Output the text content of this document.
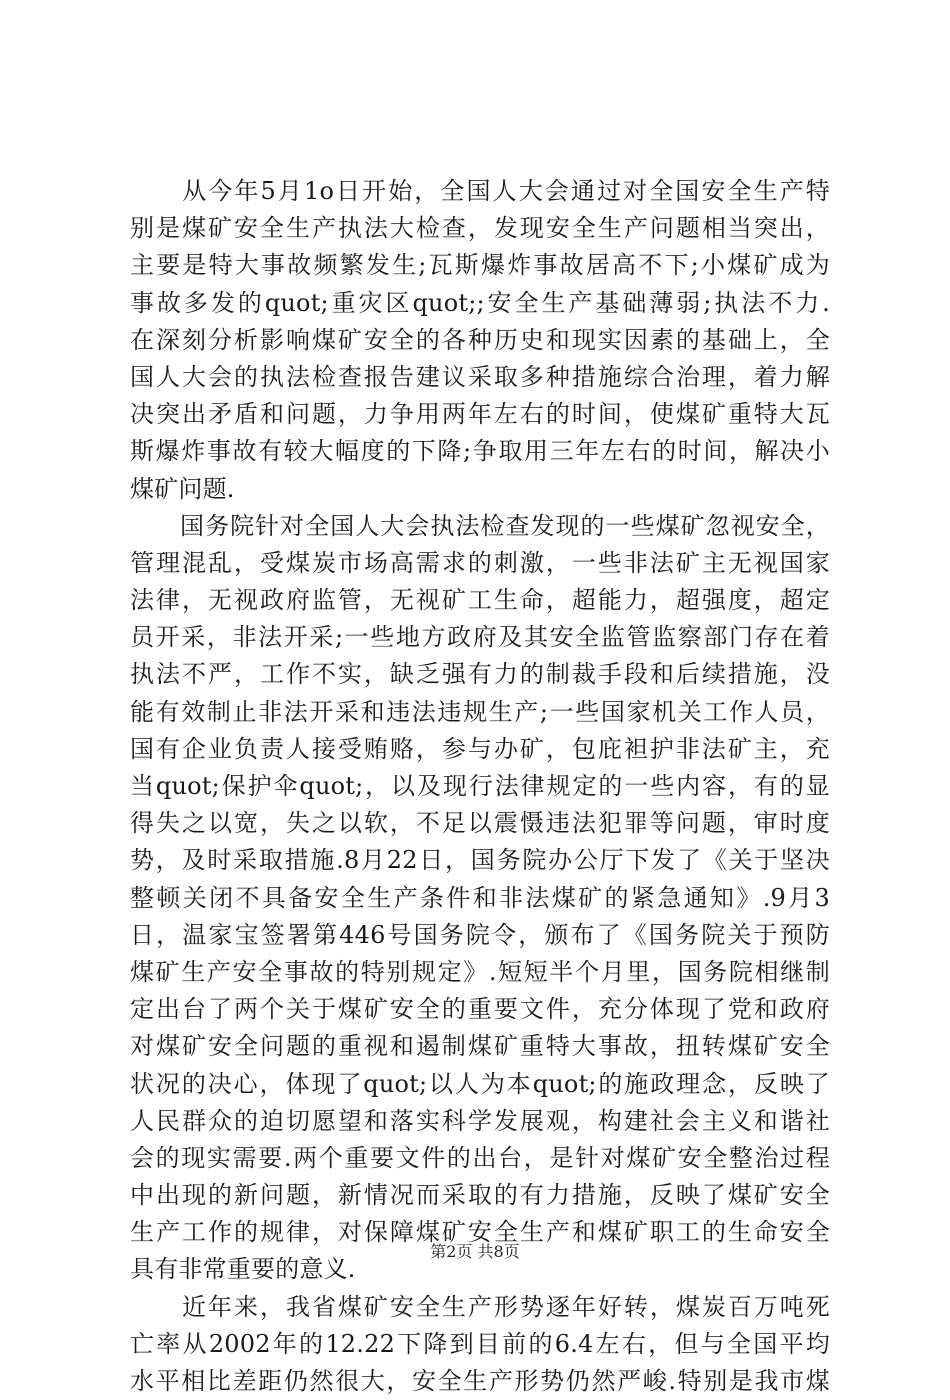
　　从今年5月1o日开始，全国人大会通过对全国安全生产特
别是煤矿安全生产执法大检查，发现安全生产问题相当突出，
主要是特大事故频繁发生;瓦斯爆炸事故居高不下;小煤矿成为
事故多发的quot;重灾区quot;;安全生产基础薄弱;执法不力.
在深刻分析影响煤矿安全的各种历史和现实因素的基础上，全
国人大会的执法检查报告建议采取多种措施综合治理，着力解
决突出矛盾和问题，力争用两年左右的时间，使煤矿重特大瓦
斯爆炸事故有较大幅度的下降;争取用三年左右的时间，解决小
煤矿问题.
　　国务院针对全国人大会执法检查发现的一些煤矿忽视安全，
管理混乱，受煤炭市场高需求的刺激，一些非法矿主无视国家
法律，无视政府监管，无视矿工生命，超能力，超强度，超定
员开采，非法开采;一些地方政府及其安全监管监察部门存在着
执法不严，工作不实，缺乏强有力的制裁手段和后续措施，没
能有效制止非法开采和违法违规生产;一些国家机关工作人员，
国有企业负责人接受贿赂，参与办矿，包庇袒护非法矿主，充
当quot;保护伞quot;，以及现行法律规定的一些内容，有的显
得失之以宽，失之以软，不足以震慑违法犯罪等问题，审时度
势，及时采取措施.8月22日，国务院办公厅下发了《关于坚决
整顿关闭不具备安全生产条件和非法煤矿的紧急通知》.9月3
日，温家宝签署第446号国务院令，颁布了《国务院关于预防
煤矿生产安全事故的特别规定》.短短半个月里，国务院相继制
定出台了两个关于煤矿安全的重要文件，充分体现了党和政府
对煤矿安全问题的重视和遏制煤矿重特大事故，扭转煤矿安全
状况的决心，体现了quot;以人为本quot;的施政理念，反映了
人民群众的迫切愿望和落实科学发展观，构建社会主义和谐社
会的现实需要.两个重要文件的出台，是针对煤矿安全整治过程
中出现的新问题，新情况而采取的有力措施，反映了煤矿安全
生产工作的规律，对保障煤矿安全生产和煤矿职工的生命安全
具有非常重要的意义.
　　近年来，我省煤矿安全生产形势逐年好转，煤炭百万吨死
亡率从2002年的12.22下降到目前的6.4左右，但与全国平均
水平相比差距仍然很大，安全生产形势仍然严峻.特别是我市煤
第2页 共8页
